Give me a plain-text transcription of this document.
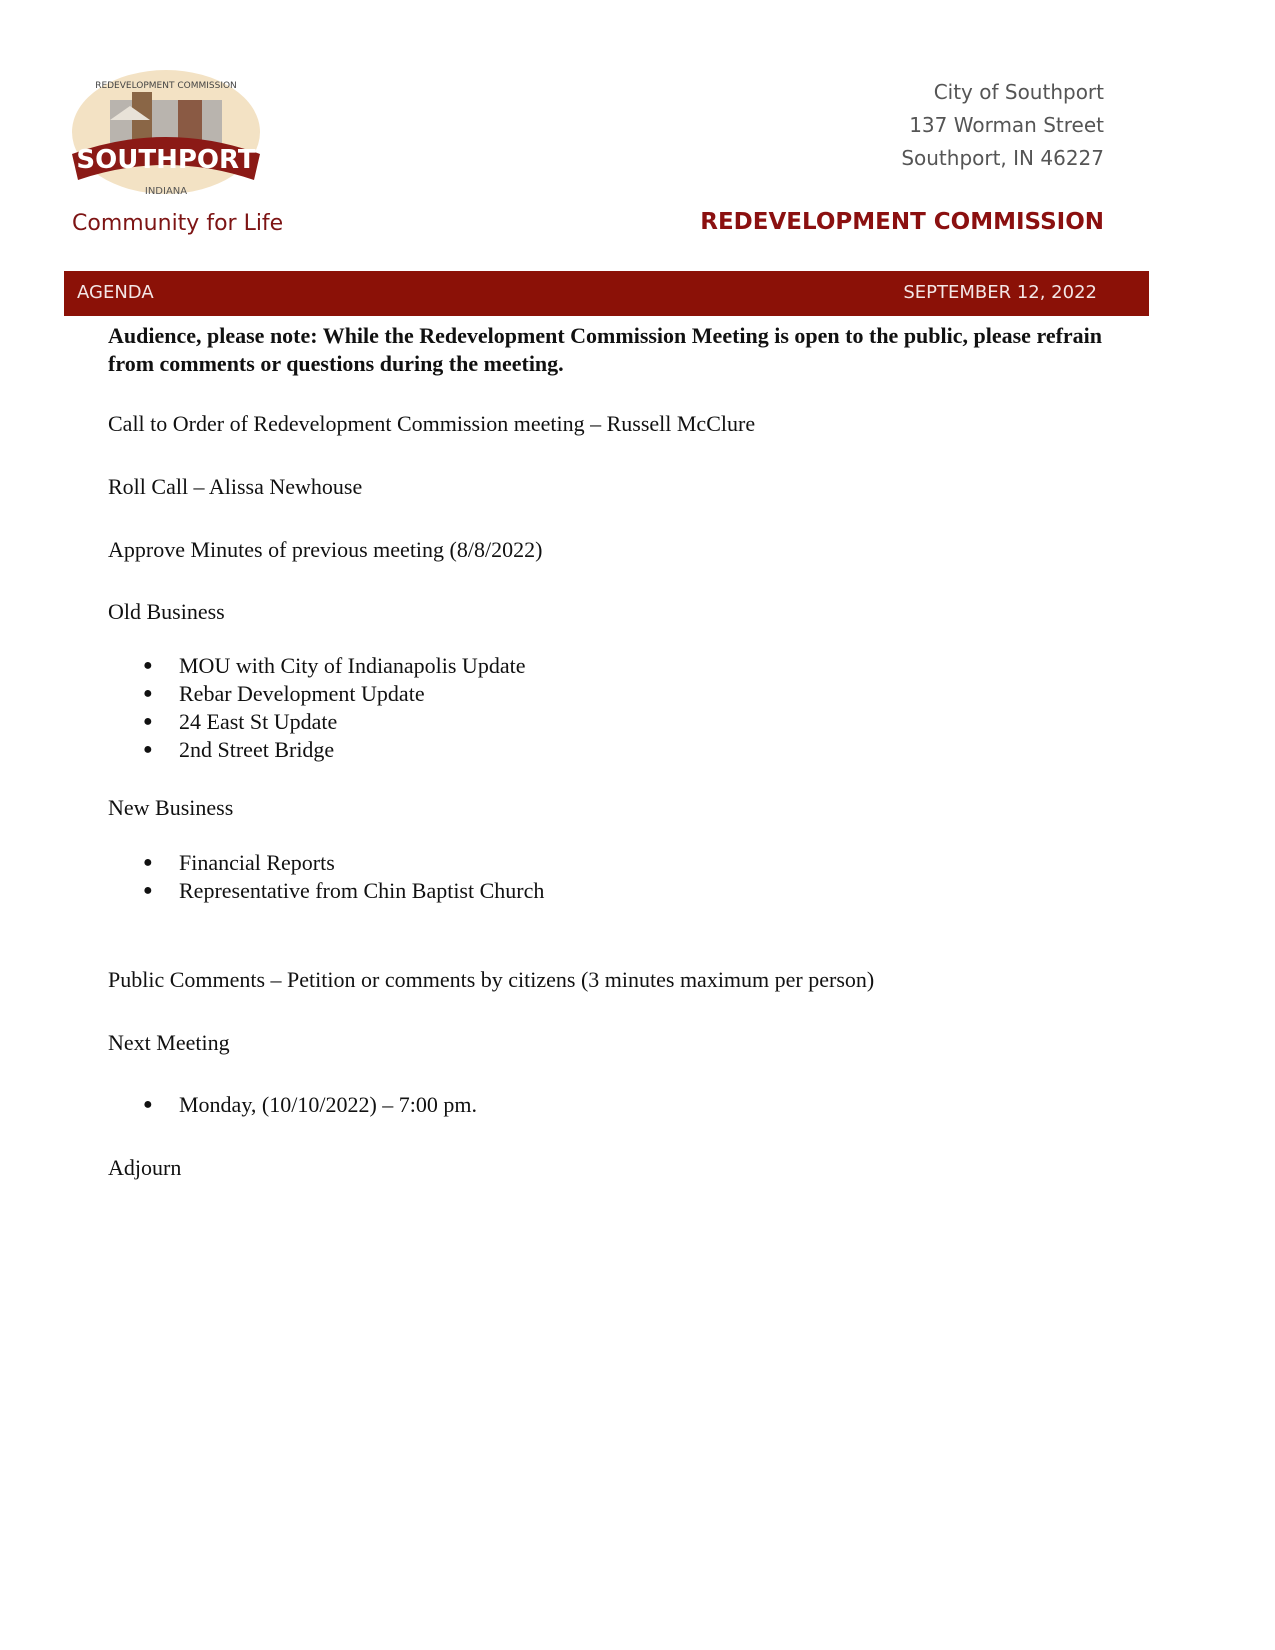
SOUTHPORT
INDIANA
REDEVELOPMENT COMMISSION
Community for Life
City of Southport
137 Worman Street
Southport, IN 46227
REDEVELOPMENT COMMISSION
AGENDA	SEPTEMBER 12, 2022
Audience, please note: While the Redevelopment Commission Meeting is open to the public, please refrain from comments or questions during the meeting.
Call to Order of Redevelopment Commission meeting – Russell McClure
Roll Call – Alissa Newhouse
Approve Minutes of previous meeting (8/8/2022)
Old Business
● MOU with City of Indianapolis Update
● Rebar Development Update
● 24 East St Update
● 2nd Street Bridge
New Business
● Financial Reports
● Representative from Chin Baptist Church
Public Comments – Petition or comments by citizens (3 minutes maximum per person)
Next Meeting
● Monday, (10/10/2022) – 7:00 pm.
Adjourn
